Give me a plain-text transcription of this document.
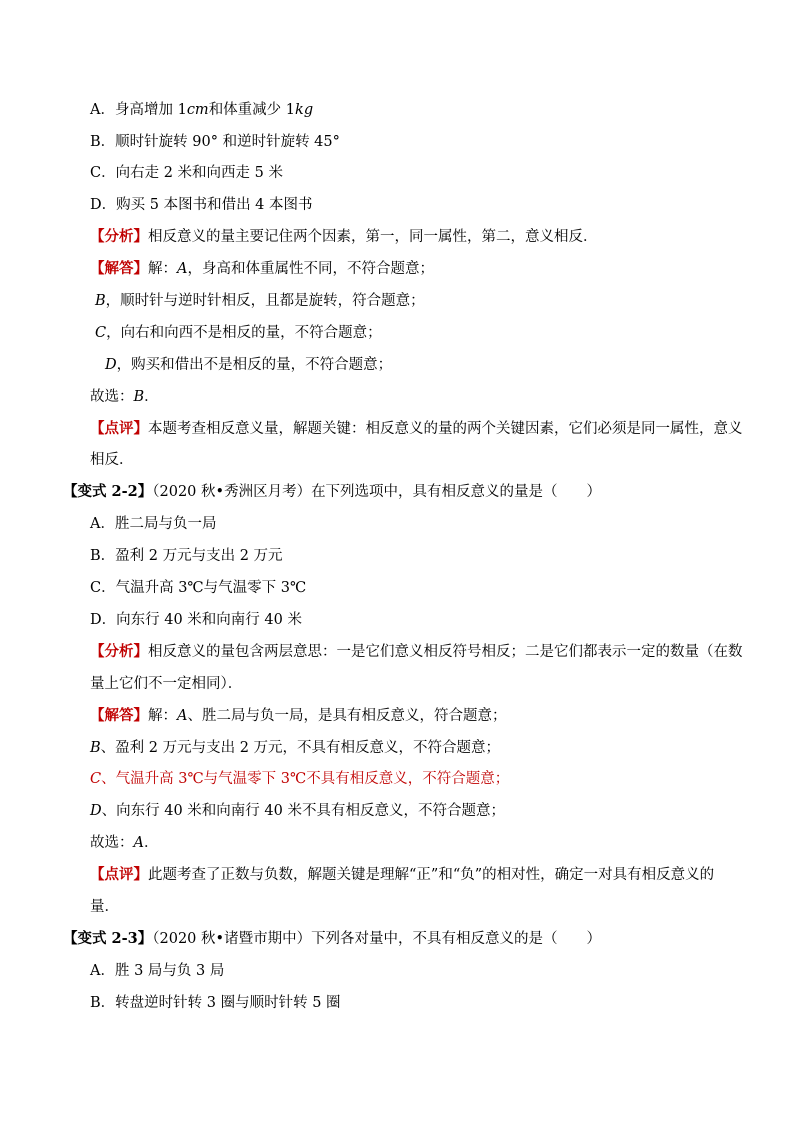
A．身高增加 1cm和体重减少 1kg
B．顺时针旋转 90° 和逆时针旋转 45°
C．向右走 2 米和向西走 5 米
D．购买 5 本图书和借出 4 本图书
【分析】相反意义的量主要记住两个因素，第一，同一属性，第二，意义相反．
【解答】解：A，身高和体重属性不同，不符合题意；
B，顺时针与逆时针相反，且都是旋转，符合题意；
C，向右和向西不是相反的量，不符合题意；
D，购买和借出不是相反的量，不符合题意；
故选：B．
【点评】本题考查相反意义量，解题关键：相反意义的量的两个关键因素，它们必须是同一属性，意义
相反．
【变式 2-2】（2020 秋•秀洲区月考）在下列选项中，具有相反意义的量是（　　）
A．胜二局与负一局
B．盈利 2 万元与支出 2 万元
C．气温升高 3℃与气温零下 3℃
D．向东行 40 米和向南行 40 米
【分析】相反意义的量包含两层意思：一是它们意义相反符号相反；二是它们都表示一定的数量（在数
量上它们不一定相同）．
【解答】解：A、胜二局与负一局，是具有相反意义，符合题意；
B、盈利 2 万元与支出 2 万元，不具有相反意义，不符合题意；
C、气温升高 3℃与气温零下 3℃不具有相反意义，不符合题意；
D、向东行 40 米和向南行 40 米不具有相反意义，不符合题意；
故选：A．
【点评】此题考查了正数与负数，解题关键是理解“正”和“负”的相对性，确定一对具有相反意义的
量．
【变式 2-3】（2020 秋•诸暨市期中）下列各对量中，不具有相反意义的是（　　）
A．胜 3 局与负 3 局
B．转盘逆时针转 3 圈与顺时针转 5 圈
